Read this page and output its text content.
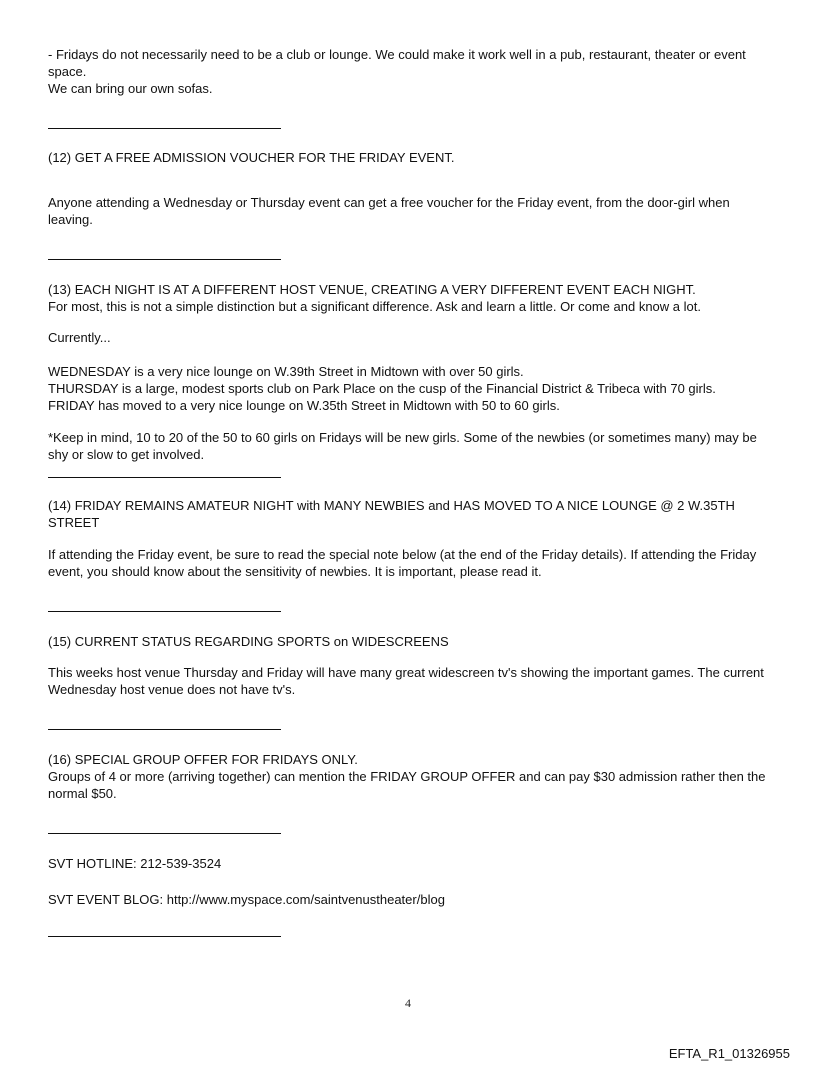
- Fridays do not necessarily need to be a club or lounge. We could make it work well in a pub, restaurant, theater or event space.

We can bring our own sofas.

(12) GET A FREE ADMISSION VOUCHER FOR THE FRIDAY EVENT.

Anyone attending a Wednesday or Thursday event can get a free voucher for the Friday event, from the door-girl when leaving.

(13) EACH NIGHT IS AT A DIFFERENT HOST VENUE, CREATING A VERY DIFFERENT EVENT EACH NIGHT.

For most, this is not a simple distinction but a significant difference. Ask and learn a little. Or come and know a lot.

Currently...

WEDNESDAY is a very nice lounge on W.39th Street in Midtown with over 50 girls.

THURSDAY is a large, modest sports club on Park Place on the cusp of the Financial District & Tribeca with 70 girls.

FRIDAY has moved to a very nice lounge on W.35th Street in Midtown with 50 to 60 girls.

*Keep in mind, 10 to 20 of the 50 to 60 girls on Fridays will be new girls. Some of the newbies (or sometimes many) may be shy or slow to get involved.

(14) FRIDAY REMAINS AMATEUR NIGHT with MANY NEWBIES and HAS MOVED TO A NICE LOUNGE @ 2 W.35TH STREET

If attending the Friday event, be sure to read the special note below (at the end of the Friday details). If attending the Friday event, you should know about the sensitivity of newbies. It is important, please read it.

(15) CURRENT STATUS REGARDING SPORTS on WIDESCREENS

This weeks host venue Thursday and Friday will have many great widescreen tv's showing the important games. The current Wednesday host venue does not have tv's.

(16) SPECIAL GROUP OFFER FOR FRIDAYS ONLY.

Groups of 4 or more (arriving together) can mention the FRIDAY GROUP OFFER and can pay $30 admission rather then the normal $50.

SVT HOTLINE: 212-539-3524

SVT EVENT BLOG: http://www.myspace.com/saintvenustheater/blog

4
EFTA_R1_01326955
